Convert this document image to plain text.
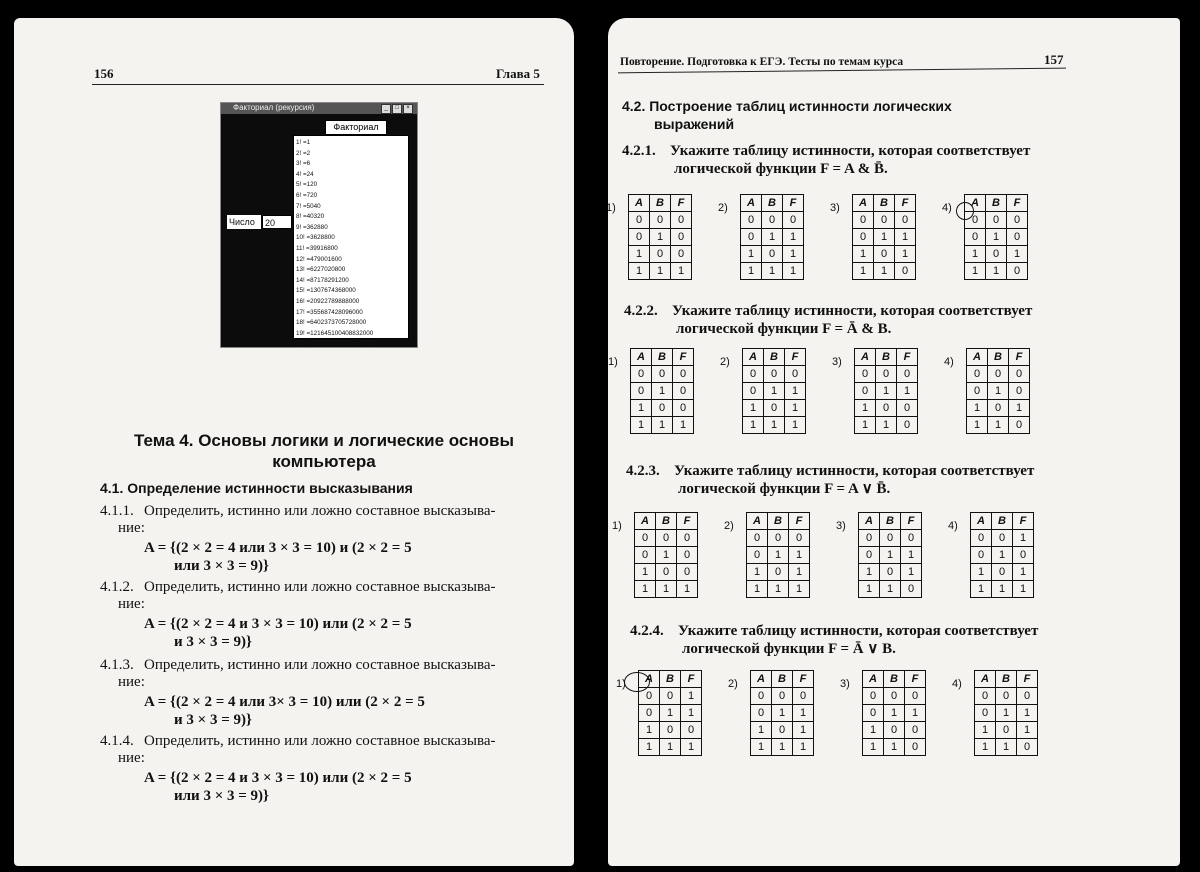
156	Глава 5
Факториал (рекурсия)	_	□	×
Факториал
1! =1
2! =2
3! =6
4! =24
5! =120
6! =720
7! =5040
8! =40320
9! =362880
10! =3628800
11! =39916800
12! =479001600
13! =6227020800
14! =87178291200
15! =1307674368000
16! =20922789888000
17! =355687428096000
18! =6402373705728000
19! =121645100408832000
20! =2432902008176640000
Число	20
Тема 4. Основы логики и логические основы
компьютера
4.1. Определение истинности высказывания
4.1.1. Определить, истинно или ложно составное высказыва-
ние:
A = {(2 × 2 = 4 или 3 × 3 = 10) и (2 × 2 = 5
или 3 × 3 = 9)}
4.1.2. Определить, истинно или ложно составное высказыва-
ние:
A = {(2 × 2 = 4 и 3 × 3 = 10) или (2 × 2 = 5
и 3 × 3 = 9)}
4.1.3. Определить, истинно или ложно составное высказыва-
ние:
A = {(2 × 2 = 4 или 3× 3 = 10) или (2 × 2 = 5
и 3 × 3 = 9)}
4.1.4. Определить, истинно или ложно составное высказыва-
ние:
A = {(2 × 2 = 4 и 3 × 3 = 10) или (2 × 2 = 5
или 3 × 3 = 9)}
Повторение. Подготовка к ЕГЭ. Тесты по темам курса	157
4.2. Построение таблиц истинности логических
выражений
4.2.1. Укажите таблицу истинности, которая соответствует
логической функции F = A & B̄.
1) A	B	F
0	0	0
0	1	0
1	0	0
1	1	1
2) A	B	F
0	0	0
0	1	1
1	0	1
1	1	1
3) A	B	F
0	0	0
0	1	1
1	0	1
1	1	0
4) A	B	F
0	0	0
0	1	0
1	0	1
1	1	0
4.2.2. Укажите таблицу истинности, которая соответствует
логической функции F = Ā & B.
1) A	B	F
0	0	0
0	1	0
1	0	0
1	1	1
2) A	B	F
0	0	0
0	1	1
1	0	1
1	1	1
3) A	B	F
0	0	0
0	1	1
1	0	0
1	1	0
4) A	B	F
0	0	0
0	1	0
1	0	1
1	1	0
4.2.3. Укажите таблицу истинности, которая соответствует
логической функции F = A ∨ B̄.
1) A	B	F
0	0	0
0	1	0
1	0	0
1	1	1
2) A	B	F
0	0	0
0	1	1
1	0	1
1	1	1
3) A	B	F
0	0	0
0	1	1
1	0	1
1	1	0
4) A	B	F
0	0	1
0	1	0
1	0	1
1	1	1
4.2.4. Укажите таблицу истинности, которая соответствует
логической функции F = Ā ∨ B.
1) A	B	F
0	0	1
0	1	1
1	0	0
1	1	1
2) A	B	F
0	0	0
0	1	1
1	0	1
1	1	1
3) A	B	F
0	0	0
0	1	1
1	0	0
1	1	0
4) A	B	F
0	0	0
0	1	1
1	0	1
1	1	0
